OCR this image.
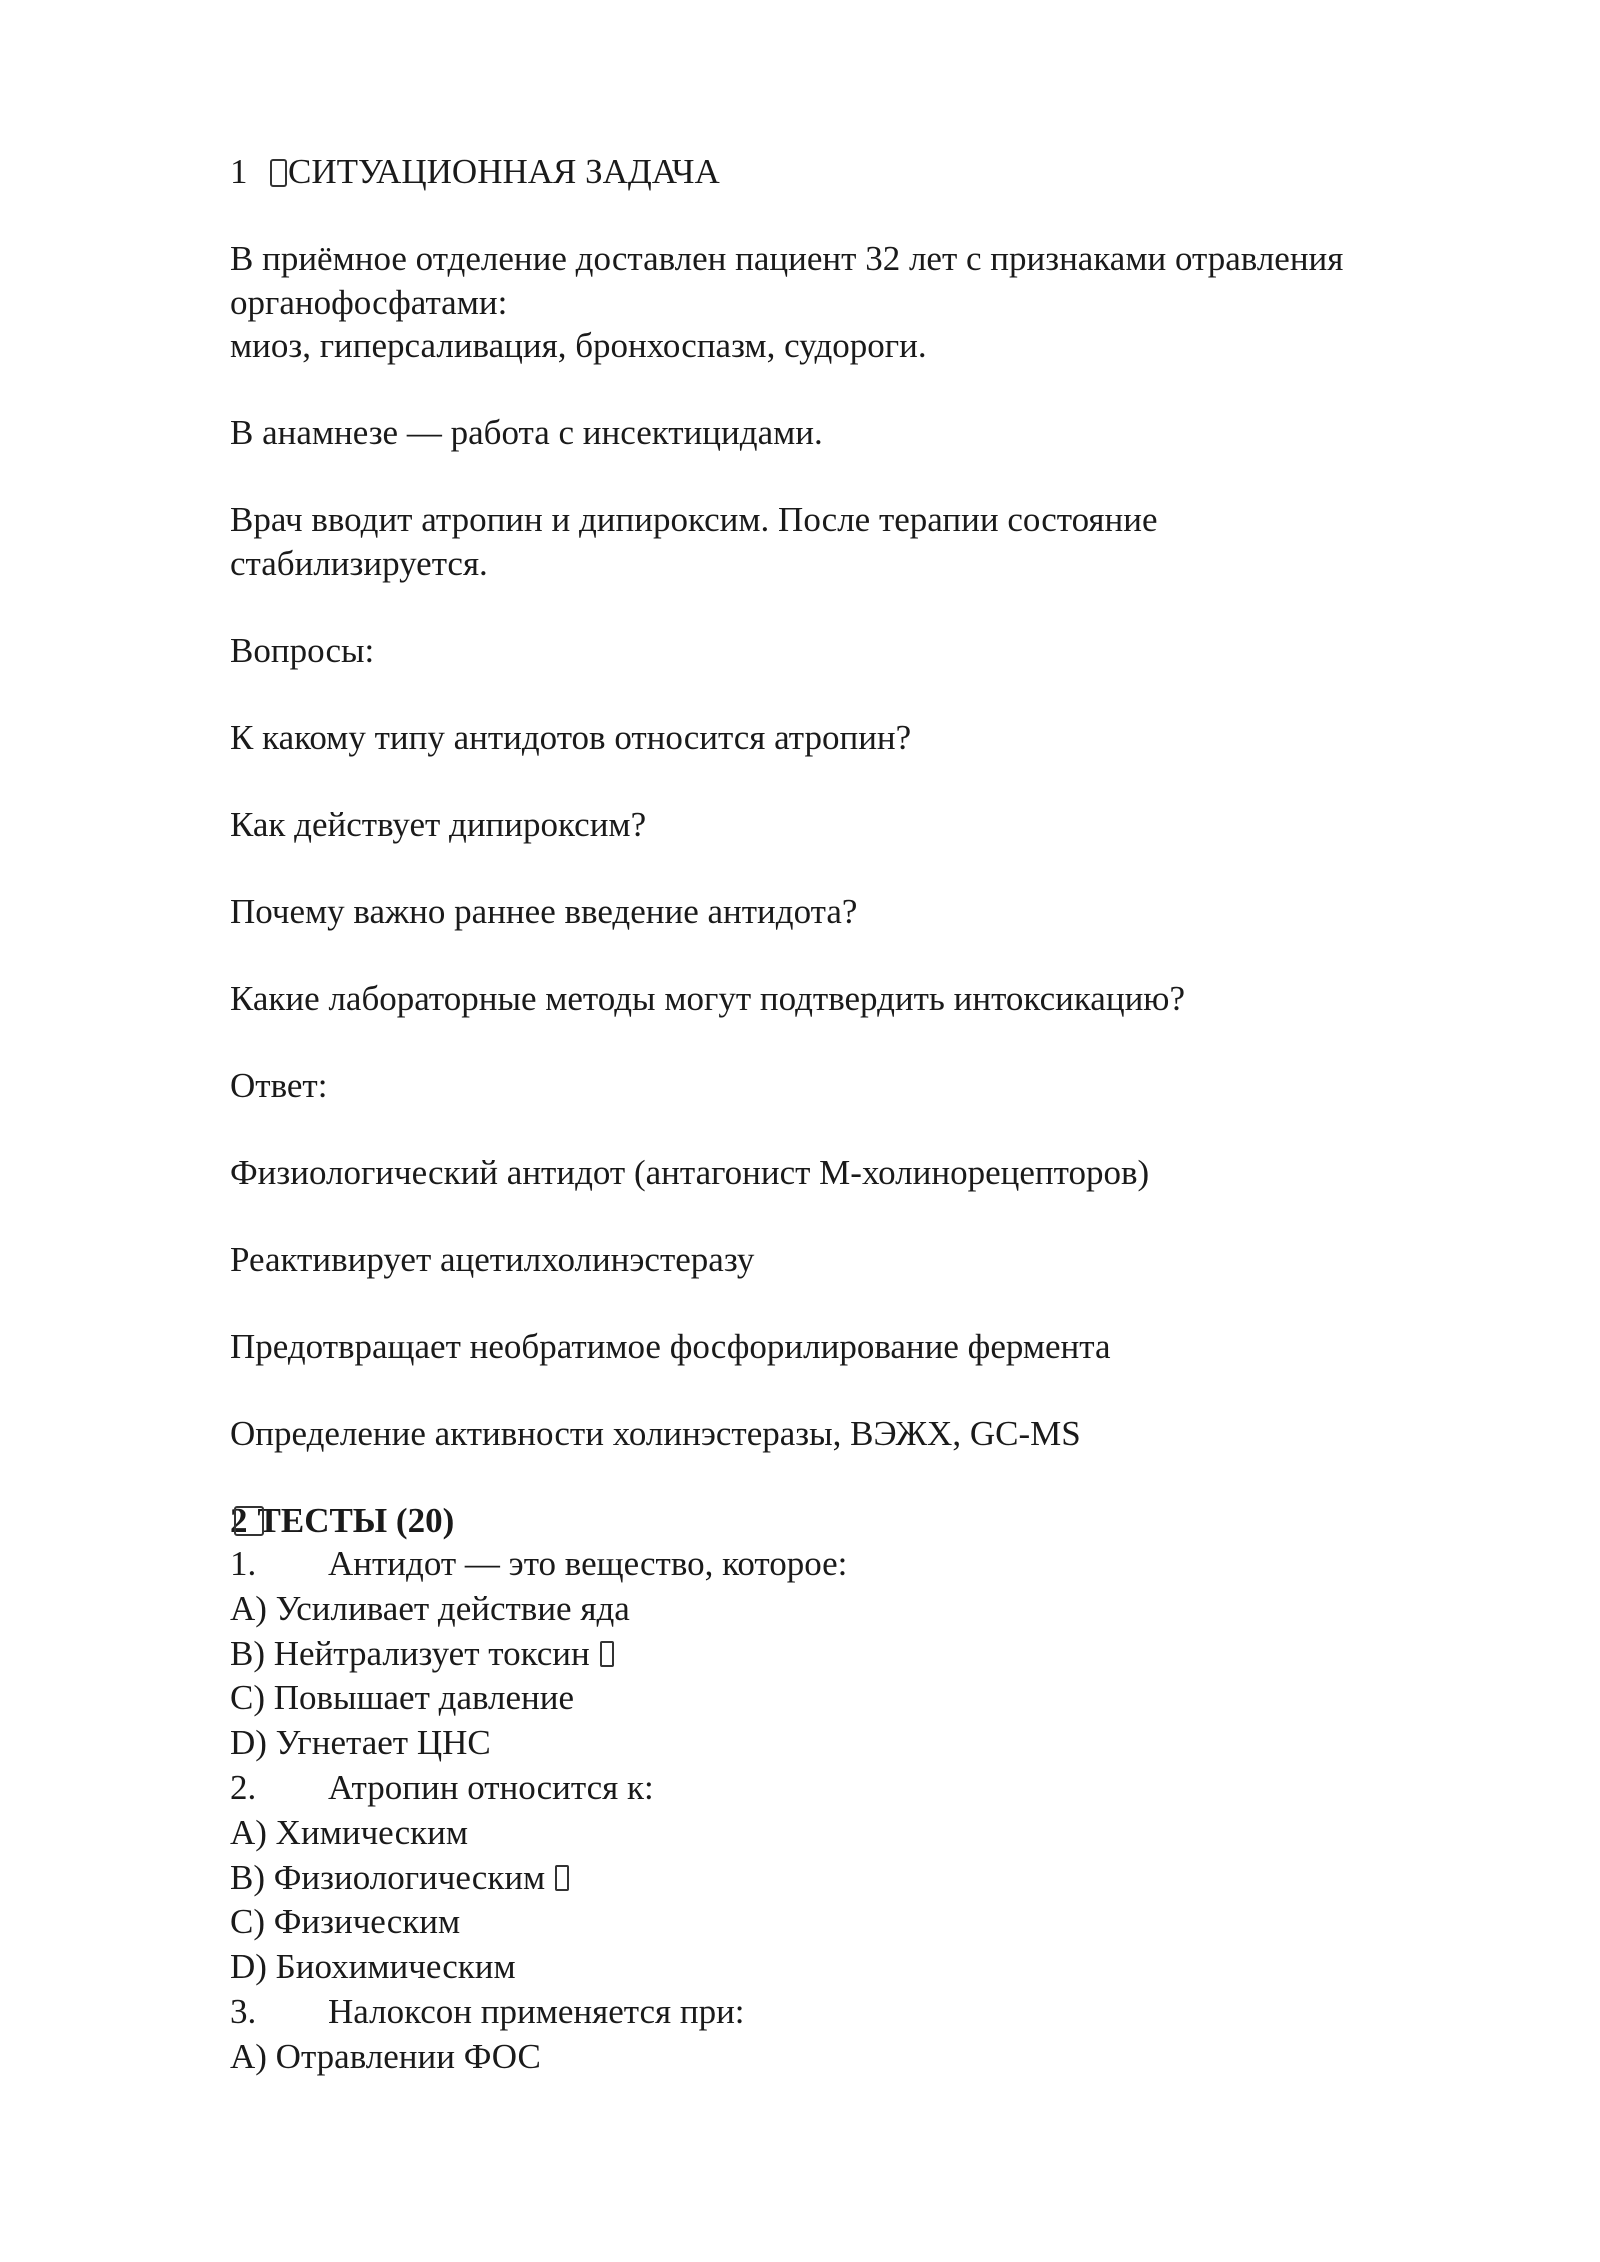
1	СИТУАЦИОННАЯ ЗАДАЧА

В приёмное отделение доставлен пациент 32 лет с признаками отравления

органофосфатами:

миоз, гиперсаливация, бронхоспазм, судороги.

В анамнезе — работа с инсектицидами.

Врач вводит атропин и дипироксим. После терапии состояние

стабилизируется.

Вопросы:

К какому типу антидотов относится атропин?

Как действует дипироксим?

Почему важно раннее введение антидота?

Какие лабораторные методы могут подтвердить интоксикацию?

Ответ:

Физиологический антидот (антагонист М-холинорецепторов)

Реактивирует ацетилхолинэстеразу

Предотвращает необратимое фосфорилирование фермента

Определение активности холинэстеразы, ВЭЖХ, GC-MS

2 ТЕСТЫ (20)

1. Антидот — это вещество, которое:

A) Усиливает действие яда

B) Нейтрализует токсин

C) Повышает давление

D) Угнетает ЦНС

2. Атропин относится к:

A) Химическим

B) Физиологическим

C) Физическим

D) Биохимическим

3. Налоксон применяется при:

A) Отравлении ФОС
